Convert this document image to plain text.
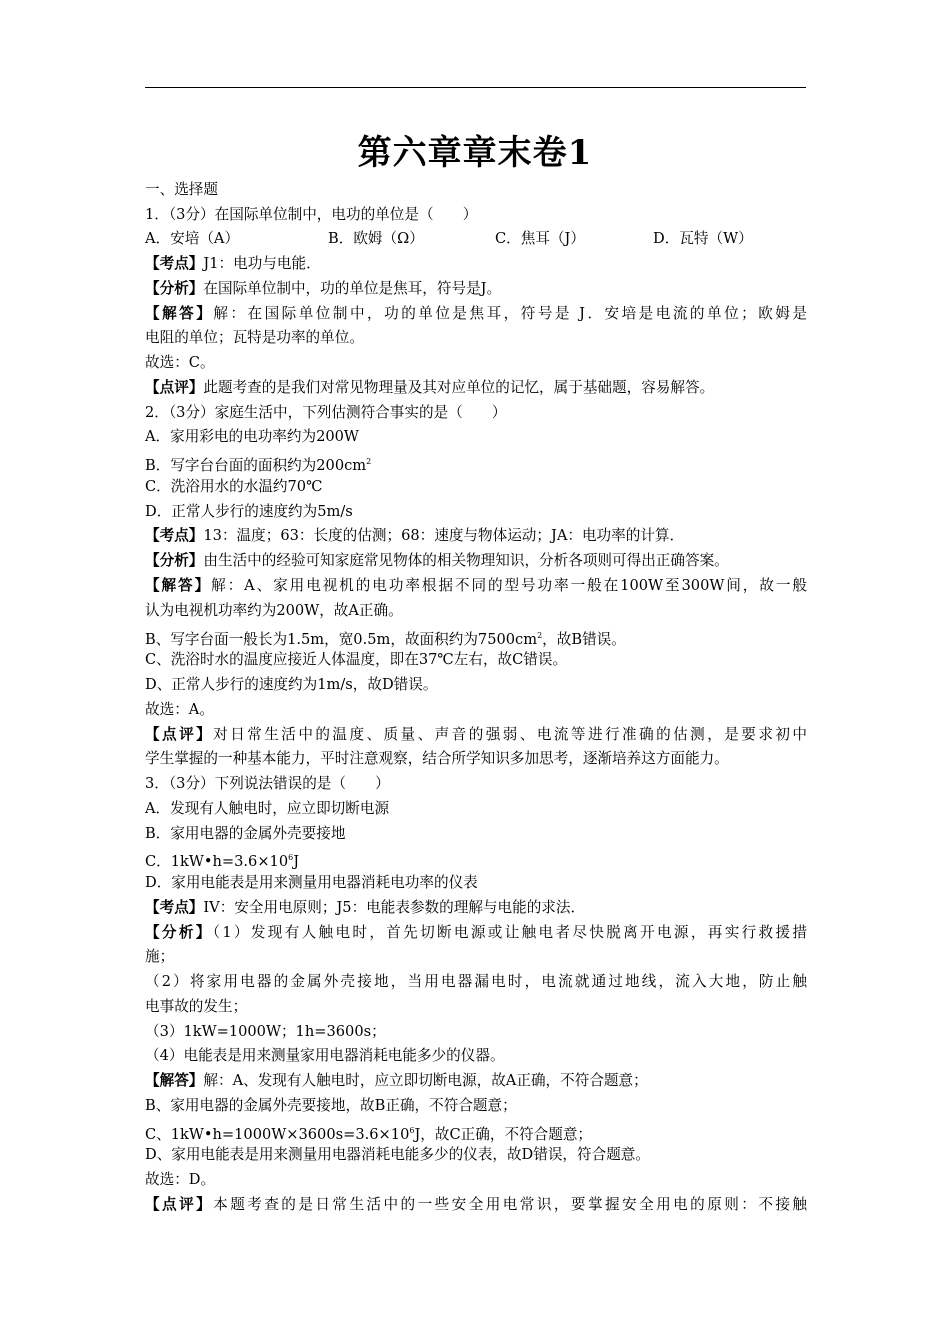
第六章章末卷1
一、选择题
1．（3分）在国际单位制中，电功的单位是（　　）
A．安培（A）	B．欧姆（Ω）	C．焦耳（J）	D．瓦特（W）
【考点】J1：电功与电能．
【分析】在国际单位制中，功的单位是焦耳，符号是J。
【解答】解：在国际单位制中，功的单位是焦耳，符号是 J．安培是电流的单位；欧姆是
电阻的单位；瓦特是功率的单位。
故选：C。
【点评】此题考查的是我们对常见物理量及其对应单位的记忆，属于基础题，容易解答。
2．（3分）家庭生活中，下列估测符合事实的是（　　）
A．家用彩电的电功率约为200W
B．写字台台面的面积约为$200cm^2$
C．洗浴用水的水温约70℃
D．正常人步行的速度约为5m/s
【考点】13：温度；63：长度的估测；68：速度与物体运动；JA：电功率的计算．
【分析】由生活中的经验可知家庭常见物体的相关物理知识，分析各项则可得出正确答案。
【解答】解：A、家用电视机的电功率根据不同的型号功率一般在100W至300W间，故一般
认为电视机功率约为200W，故A正确。
B、写字台面一般长为1.5m，宽0.5m，故面积约为$7500cm^2$，故B错误。
C、洗浴时水的温度应接近人体温度，即在37℃左右，故C错误。
D、正常人步行的速度约为1m/s，故D错误。
故选：A。
【点评】对日常生活中的温度、质量、声音的强弱、电流等进行准确的估测，是要求初中
学生掌握的一种基本能力，平时注意观察，结合所学知识多加思考，逐渐培养这方面能力。
3．（3分）下列说法错误的是（　　）
A．发现有人触电时，应立即切断电源
B．家用电器的金属外壳要接地
C．$1kW•h=3.6\times 10^6J$
D．家用电能表是用来测量用电器消耗电功率的仪表
【考点】IV：安全用电原则；J5：电能表参数的理解与电能的求法．
【分析】（1）发现有人触电时，首先切断电源或让触电者尽快脱离开电源，再实行救援措
施；
（2）将家用电器的金属外壳接地，当用电器漏电时，电流就通过地线，流入大地，防止触
电事故的发生；
（3）1kW=1000W；1h=3600s；
（4）电能表是用来测量家用电器消耗电能多少的仪器。
【解答】解：A、发现有人触电时，应立即切断电源，故A正确，不符合题意；
B、家用电器的金属外壳要接地，故B正确，不符合题意；
C、$1kW•h=1000W\times 3600s=3.6\times 10^6J$，故C正确，不符合题意；
D、家用电能表是用来测量用电器消耗电能多少的仪表，故D错误，符合题意。
故选：D。
【点评】本题考查的是日常生活中的一些安全用电常识，要掌握安全用电的原则：不接触
